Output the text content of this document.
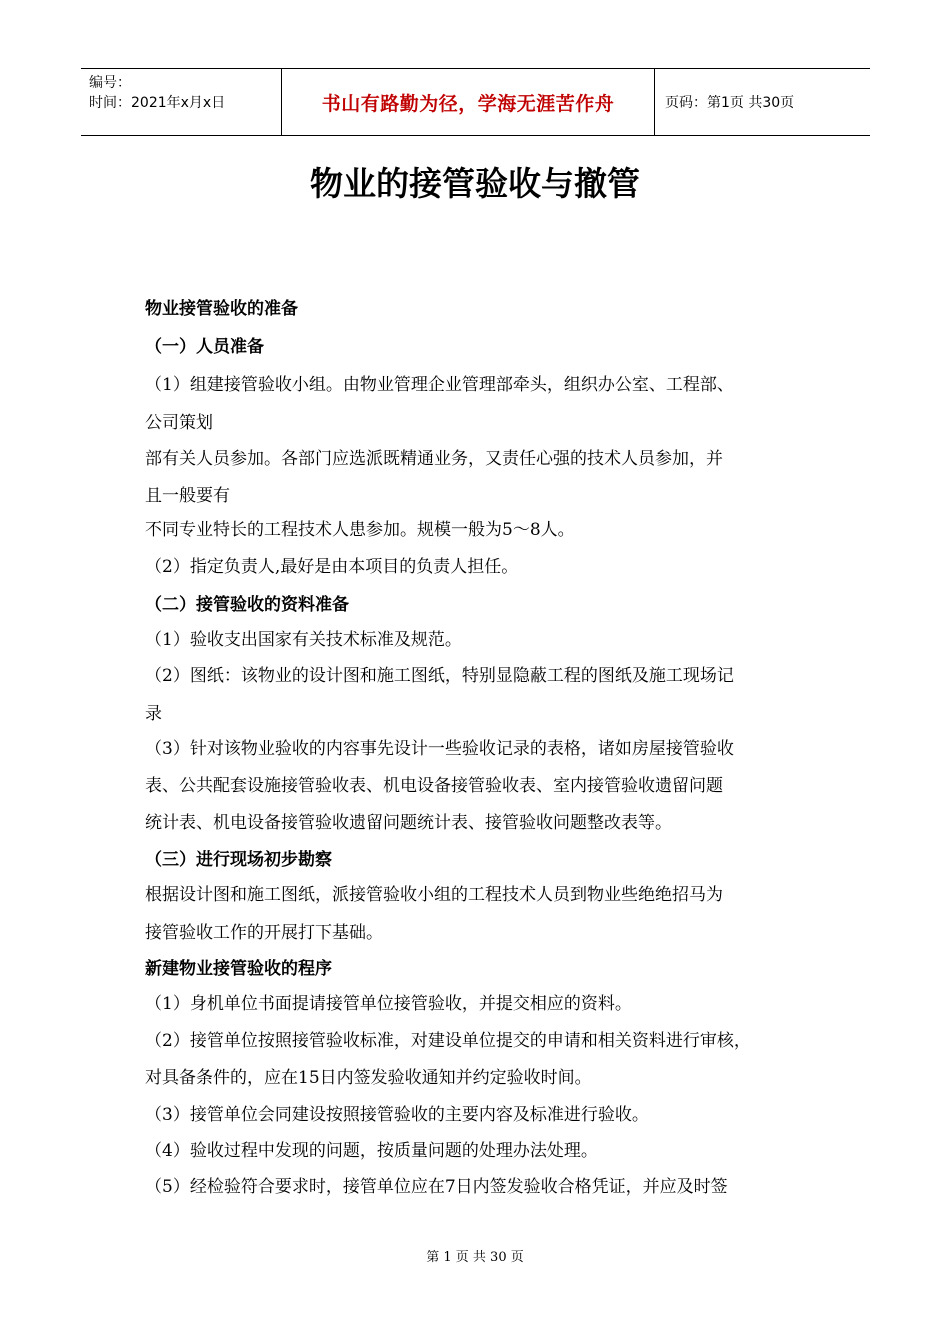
编号：
时间：2021年x月x日	书山有路勤为径，学海无涯苦作舟	页码：第1页 共30页
物业的接管验收与撤管
物业接管验收的准备
（一）人员准备
（1）组建接管验收小组。由物业管理企业管理部牵头，组织办公室、工程部、
公司策划
部有关人员参加。各部门应选派既精通业务，又责任心强的技术人员参加，并
且一般要有
不同专业特长的工程技术人患参加。规模一般为5～8人。
（2）指定负责人,最好是由本项目的负责人担任。
（二）接管验收的资料准备
（1）验收支出国家有关技术标准及规范。
（2）图纸：该物业的设计图和施工图纸，特别显隐蔽工程的图纸及施工现场记
录
（3）针对该物业验收的内容事先设计一些验收记录的表格，诸如房屋接管验收
表、公共配套设施接管验收表、机电设备接管验收表、室内接管验收遗留问题
统计表、机电设备接管验收遗留问题统计表、接管验收问题整改表等。
（三）进行现场初步勘察
根据设计图和施工图纸，派接管验收小组的工程技术人员到物业些绝绝招马为
接管验收工作的开展打下基础。
新建物业接管验收的程序
（1）身机单位书面提请接管单位接管验收，并提交相应的资料。
（2）接管单位按照接管验收标准，对建设单位提交的申请和相关资料进行审核，
对具备条件的，应在15日内签发验收通知并约定验收时间。
（3）接管单位会同建设按照接管验收的主要内容及标准进行验收。
（4）验收过程中发现的问题，按质量问题的处理办法处理。
（5）经检验符合要求时，接管单位应在7日内签发验收合格凭证，并应及时签
第 1 页 共 30 页
